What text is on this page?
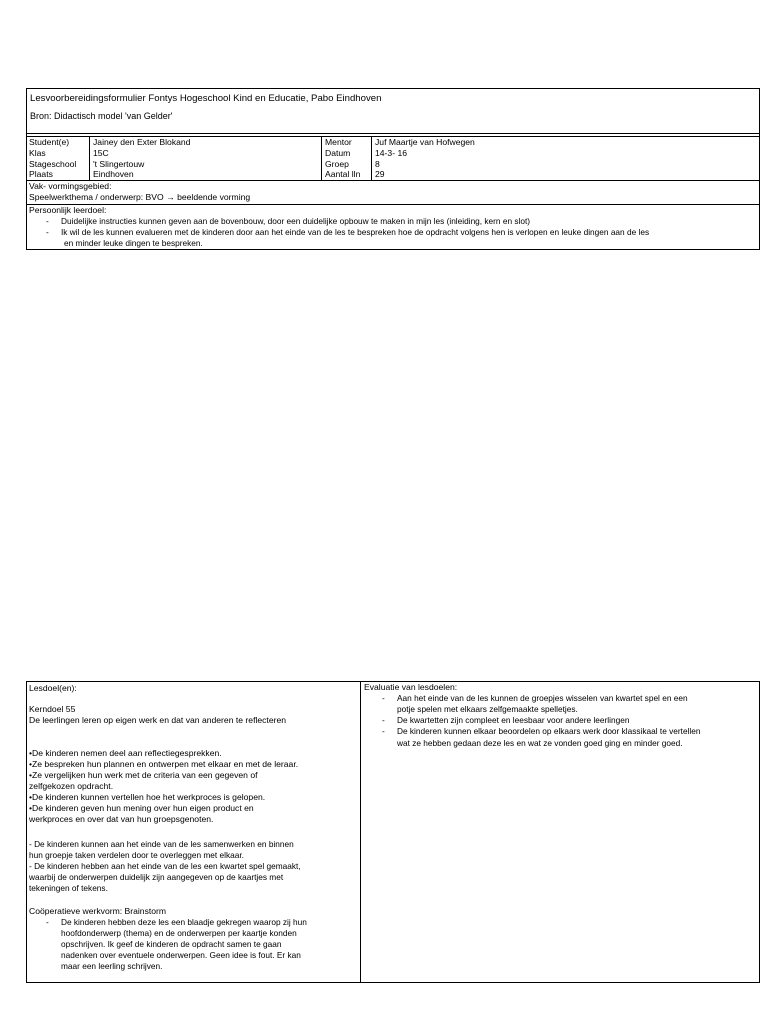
Lesvoorbereidingsformulier Fontys Hogeschool Kind en Educatie, Pabo Eindhoven
Bron: Didactisch model 'van Gelder'
Student(e)	Jainey den Exter Blokand	Mentor	Juf Maartje van Hofwegen
Klas	15C	Datum	14-3- 16
Stageschool 't Slingertouw	Groep	8
Plaats	Eindhoven	Aantal lln 29
Vak- vormingsgebied:
Speelwerkthema / onderwerp: BVO → beeldende vorming
Persoonlijk leerdoel:
- Duidelijke instructies kunnen geven aan de bovenbouw, door een duidelijke opbouw te maken in mijn les (inleiding, kern en slot)
- Ik wil de les kunnen evalueren met de kinderen door aan het einde van de les te bespreken hoe de opdracht volgens hen is verlopen en leuke dingen aan de les
en minder leuke dingen te bespreken.
Lesdoel(en):
Kerndoel 55
De leerlingen leren op eigen werk en dat van anderen te reflecteren
•De kinderen nemen deel aan reflectiegesprekken.
•Ze bespreken hun plannen en ontwerpen met elkaar en met de leraar.
•Ze vergelijken hun werk met de criteria van een gegeven of
zelfgekozen opdracht.
•De kinderen kunnen vertellen hoe het werkproces is gelopen.
•De kinderen geven hun mening over hun eigen product en
werkproces en over dat van hun groepsgenoten.
- De kinderen kunnen aan het einde van de les samenwerken en binnen
hun groepje taken verdelen door te overleggen met elkaar.
- De kinderen hebben aan het einde van de les een kwartet spel gemaakt,
waarbij de onderwerpen duidelijk zijn aangegeven op de kaartjes met
tekeningen of tekens.
Coöperatieve werkvorm: Brainstorm
- De kinderen hebben deze les een blaadje gekregen waarop zij hun
hoofdonderwerp (thema) en de onderwerpen per kaartje konden
opschrijven. Ik geef de kinderen de opdracht samen te gaan
nadenken over eventuele onderwerpen. Geen idee is fout. Er kan
maar een leerling schrijven.
Evaluatie van lesdoelen:
- Aan het einde van de les kunnen de groepjes wisselen van kwartet spel en een
potje spelen met elkaars zelfgemaakte spelletjes.
- De kwartetten zijn compleet en leesbaar voor andere leerlingen
- De kinderen kunnen elkaar beoordelen op elkaars werk door klassikaal te vertellen
wat ze hebben gedaan deze les en wat ze vonden goed ging en minder goed.
